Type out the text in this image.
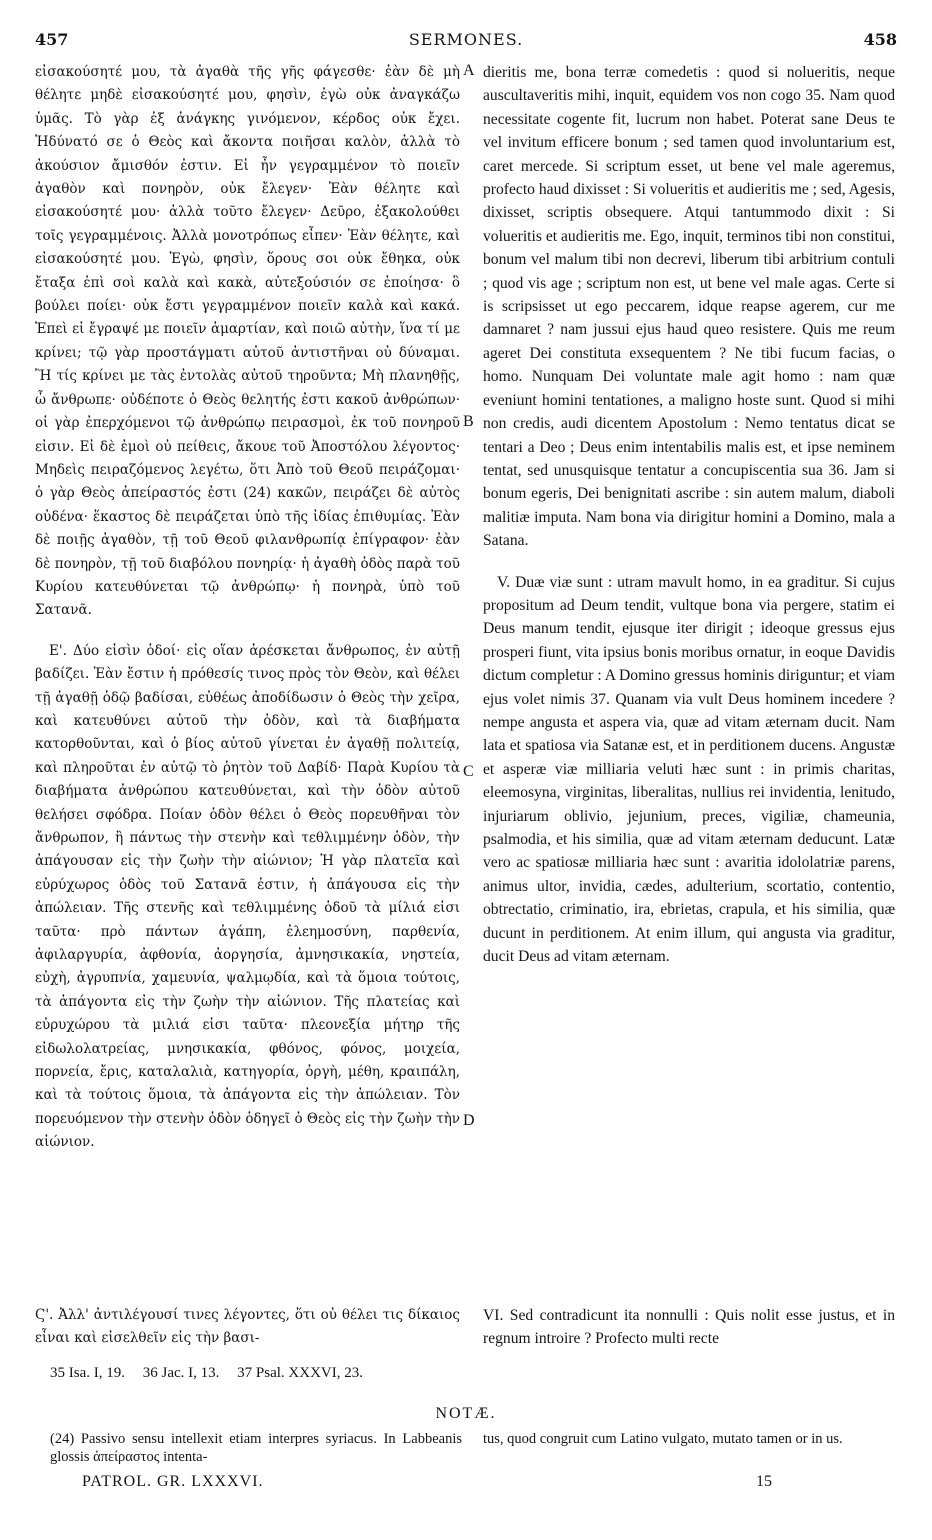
457	SERMONES.	458
A
B
C
D

εἰσακούσητέ μου, τὰ ἀγαθὰ τῆς γῆς φάγεσθε· ἐὰν δὲ μὴ θέλητε μηδὲ εἰσακούσητέ μου, φησὶν, ἐγὼ οὐκ ἀναγκάζω ὑμᾶς. Τὸ γὰρ ἐξ ἀνάγκης γινόμενον, κέρδος οὐκ ἔχει. Ἠδύνατό σε ὁ Θεὸς καὶ ἄκοντα ποιῆσαι καλὸν, ἀλλὰ τὸ ἀκούσιον ἄμισθόν ἐστιν. Εἰ ἦν γεγραμμένον τὸ ποιεῖν ἀγαθὸν καὶ πονηρὸν, οὐκ ἔλεγεν· Ἐὰν θέλητε καὶ εἰσακούσητέ μου· ἀλλὰ τοῦτο ἔλεγεν· Δεῦρο, ἐξακολούθει τοῖς γεγραμμένοις. Ἀλλὰ μονοτρόπως εἶπεν· Ἐὰν θέλητε, καὶ εἰσακούσητέ μου. Ἐγὼ, φησὶν, ὅρους σοι οὐκ ἔθηκα, οὐκ ἔταξα ἐπὶ σοὶ καλὰ καὶ κακὰ, αὐτεξούσιόν σε ἐποίησα· ὃ βούλει ποίει· οὐκ ἔστι γεγραμμένον ποιεῖν καλὰ καὶ κακά. Ἐπεὶ εἰ ἔγραψέ με ποιεῖν ἁμαρτίαν, καὶ ποιῶ αὐτὴν, ἵνα τί με κρίνει; τῷ γὰρ προστάγματι αὐτοῦ ἀντιστῆναι οὐ δύναμαι. Ἢ τίς κρίνει με τὰς ἐντολὰς αὐτοῦ τηροῦντα; Μὴ πλανηθῇς, ὦ ἄνθρωπε· οὐδέποτε ὁ Θεὸς θελητής ἐστι κακοῦ ἀνθρώπων· οἱ γὰρ ἐπερχόμενοι τῷ ἀνθρώπῳ πειρασμοὶ, ἐκ τοῦ πονηροῦ εἰσιν. Εἰ δὲ ἐμοὶ οὐ πείθεις, ἄκουε τοῦ Ἀποστόλου λέγοντος· Μηδεὶς πειραζόμενος λεγέτω, ὅτι Ἀπὸ τοῦ Θεοῦ πειράζομαι· ὁ γὰρ Θεὸς ἀπείραστός ἐστι (24) κακῶν, πειράζει δὲ αὐτὸς οὐδένα· ἕκαστος δὲ πειράζεται ὑπὸ τῆς ἰδίας ἐπιθυμίας. Ἐὰν δὲ ποιῇς ἀγαθὸν, τῇ τοῦ Θεοῦ φιλανθρωπίᾳ ἐπίγραφον· ἐὰν δὲ πονηρὸν, τῇ τοῦ διαβόλου πονηρίᾳ· ἡ ἀγαθὴ ὁδὸς παρὰ τοῦ Κυρίου κατευθύνεται τῷ ἀνθρώπῳ· ἡ πονηρὰ, ὑπὸ τοῦ Σατανᾶ.

Ε'. Δύο εἰσὶν ὁδοί· εἰς οἵαν ἀρέσκεται ἄνθρωπος, ἐν αὐτῇ βαδίζει. Ἐὰν ἔστιν ἡ πρόθεσίς τινος πρὸς τὸν Θεὸν, καὶ θέλει τῇ ἀγαθῇ ὁδῷ βαδίσαι, εὐθέως ἀποδίδωσιν ὁ Θεὸς τὴν χεῖρα, καὶ κατευθύνει αὐτοῦ τὴν ὁδὸν, καὶ τὰ διαβήματα κατορθοῦνται, καὶ ὁ βίος αὐτοῦ γίνεται ἐν ἀγαθῇ πολιτείᾳ, καὶ πληροῦται ἐν αὐτῷ τὸ ῥητὸν τοῦ Δαβίδ· Παρὰ Κυρίου τὰ διαβήματα ἀνθρώπου κατευθύνεται, καὶ τὴν ὁδὸν αὐτοῦ θελήσει σφόδρα. Ποίαν ὁδὸν θέλει ὁ Θεὸς πορευθῆναι τὸν ἄνθρωπον, ἢ πάντως τὴν στενὴν καὶ τεθλιμμένην ὁδὸν, τὴν ἀπάγουσαν εἰς τὴν ζωὴν τὴν αἰώνιον; Ἡ γὰρ πλατεῖα καὶ εὐρύχωρος ὁδὸς τοῦ Σατανᾶ ἐστιν, ἡ ἀπάγουσα εἰς τὴν ἀπώλειαν. Τῆς στενῆς καὶ τεθλιμμένης ὁδοῦ τὰ μίλιά εἰσι ταῦτα· πρὸ πάντων ἀγάπη, ἐλεημοσύνη, παρθενία, ἀφιλαργυρία, ἀφθονία, ἀοργησία, ἀμνησικακία, νηστεία, εὐχὴ, ἀγρυπνία, χαμευνία, ψαλμῳδία, καὶ τὰ ὅμοια τούτοις, τὰ ἀπάγοντα εἰς τὴν ζωὴν τὴν αἰώνιον. Τῆς πλατείας καὶ εὐρυχώρου τὰ μιλιά εἰσι ταῦτα· πλεονεξία μήτηρ τῆς εἰδωλολατρείας, μνησικακία, φθόνος, φόνος, μοιχεία, πορνεία, ἔρις, καταλαλιὰ, κατηγορία, ὀργὴ, μέθη, κραιπάλη, καὶ τὰ τούτοις ὅμοια, τὰ ἀπάγοντα εἰς τὴν ἀπώλειαν. Τὸν πορευόμενον τὴν στενὴν ὁδὸν ὁδηγεῖ ὁ Θεὸς εἰς τὴν ζωὴν τὴν αἰώνιον.

dieritis me, bona terræ comedetis : quod si nolueritis, neque auscultaveritis mihi, inquit, equidem vos non cogo 35. Nam quod necessitate cogente fit, lucrum non habet. Poterat sane Deus te vel invitum efficere bonum ; sed tamen quod involuntarium est, caret mercede. Si scriptum esset, ut bene vel male ageremus, profecto haud dixisset : Si volueritis et audieritis me ; sed, Agesis, dixisset, scriptis obsequere. Atqui tantummodo dixit : Si volueritis et audieritis me. Ego, inquit, terminos tibi non constitui, bonum vel malum tibi non decrevi, liberum tibi arbitrium contuli ; quod vis age ; scriptum non est, ut bene vel male agas. Certe si is scripsisset ut ego peccarem, idque reapse agerem, cur me damnaret ? nam jussui ejus haud queo resistere. Quis me reum ageret Dei constituta exsequentem ? Ne tibi fucum facias, o homo. Nunquam Dei voluntate male agit homo : nam quæ eveniunt homini tentationes, a maligno hoste sunt. Quod si mihi non credis, audi dicentem Apostolum : Nemo tentatus dicat se tentari a Deo ; Deus enim intentabilis malis est, et ipse neminem tentat, sed unusquisque tentatur a concupiscentia sua 36. Jam si bonum egeris, Dei benignitati ascribe : sin autem malum, diaboli malitiæ imputa. Nam bona via dirigitur homini a Domino, mala a Satana.

V. Duæ viæ sunt : utram mavult homo, in ea graditur. Si cujus propositum ad Deum tendit, vultque bona via pergere, statim ei Deus manum tendit, ejusque iter dirigit ; ideoque gressus ejus prosperi fiunt, vita ipsius bonis moribus ornatur, in eoque Davidis dictum completur : A Domino gressus hominis diriguntur; et viam ejus volet nimis 37. Quanam via vult Deus hominem incedere ? nempe angusta et aspera via, quæ ad vitam æternam ducit. Nam lata et spatiosa via Satanæ est, et in perditionem ducens. Angustæ et asperæ viæ milliaria veluti hæc sunt : in primis charitas, eleemosyna, virginitas, liberalitas, nullius rei invidentia, lenitudo, injuriarum oblivio, jejunium, preces, vigiliæ, chameunia, psalmodia, et his similia, quæ ad vitam æternam deducunt. Latæ vero ac spatiosæ milliaria hæc sunt : avaritia idololatriæ parens, animus ultor, invidia, cædes, adulterium, scortatio, contentio, obtrectatio, criminatio, ira, ebrietas, crapula, et his similia, quæ ducunt in perditionem. At enim illum, qui angusta via graditur, ducit Deus ad vitam æternam.

Ϛ'. Ἀλλ' ἀντιλέγουσί τινες λέγοντες, ὅτι οὐ θέλει τις δίκαιος εἶναι καὶ εἰσελθεῖν εἰς τὴν βασι-
VI. Sed contradicunt ita nonnulli : Quis nolit esse justus, et in regnum introire ? Profecto multi recte
35 Isa. I, 19. 36 Jac. I, 13. 37 Psal. XXXVI, 23.
NOTÆ.
(24) Passivo sensu intellexit etiam interpres syriacus. In Labbeanis glossis ἀπείραστος intenta-
tus, quod congruit cum Latino vulgato, mutato tamen or in us.
PATROL. GR. LXXXVI.	15
